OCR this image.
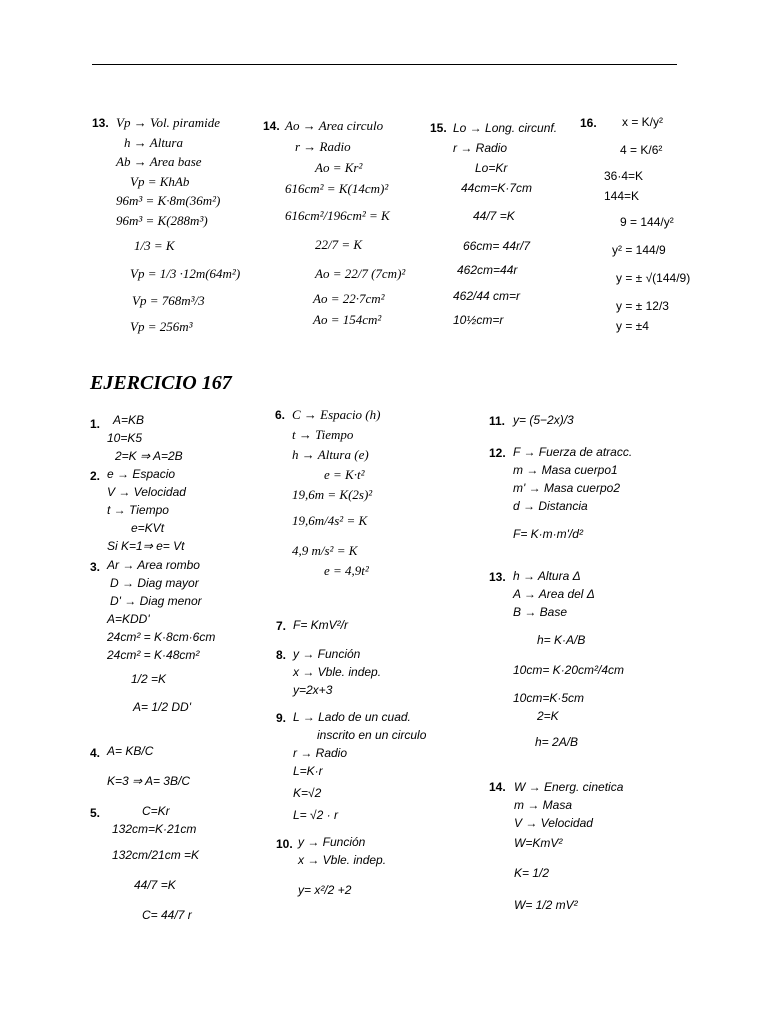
13. Vp → Vol. piramide
h → Altura
Ab → Area base
Vp = KhAb
96m³ = K·8m(36m²)
96m³ = K(288m³)
1/3 = K
Vp = 1/3 ·12m(64m²)
Vp = 768m³/3
Vp = 256m³
14. Ao → Area circulo
r → Radio
Ao = Kr²
616cm² = K(14cm)²
616cm²/196cm² = K
22/7 = K
Ao = 22/7 (7cm)²
Ao = 22·7cm²
Ao = 154cm²
15. Lo → Long. circunf.
r → Radio
Lo=Kr
44cm=K·7cm
44/7 =K
66cm= 44r/7
462cm=44r
462/44 cm=r
10½cm=r
16.	x = K/y²
4 = K/6²
36·4=K
144=K
9 = 144/y²
y² = 144/9
y = ± √(144/9)
y = ± 12/3
y = ±4
EJERCICIO 167
1.	A=KB
10=K5
2=K ⇒ A=2B
2. e → Espacio
V → Velocidad
t → Tiempo
e=KVt
Si K=1⇒ e= Vt
3. Ar → Area rombo
D → Diag mayor
D' → Diag menor
A=KDD'
24cm² = K·8cm·6cm
24cm² = K·48cm²
1/2 =K
A= 1/2 DD'
4. A= KB/C
K=3 ⇒ A= 3B/C
5.	C=Kr
132cm=K·21cm
132cm/21cm =K
44/7 =K
C= 44/7 r
6. C → Espacio (h)
t → Tiempo
h → Altura (e)
e = K·t²
19,6m = K(2s)²
19,6m/4s² = K
4,9 m/s² = K
e = 4,9t²
7. F= KmV²/r
8. y → Función
x → Vble. indep.
y=2x+3
9. L → Lado de un cuad.
inscrito en un circulo
r → Radio
L=K·r
K=√2
L= √2 · r
10. y → Función
x → Vble. indep.
y= x²/2 +2
11. y= (5−2x)/3
12. F → Fuerza de atracc.
m → Masa cuerpo1
m' → Masa cuerpo2
d → Distancia
F= K·m·m'/d²
13. h → Altura Δ
A → Area del Δ
B → Base
h= K·A/B
10cm= K·20cm²/4cm
10cm=K·5cm
2=K
h= 2A/B
14. W → Energ. cinetica
m → Masa
V → Velocidad
W=KmV²
K= 1/2
W= 1/2 mV²
